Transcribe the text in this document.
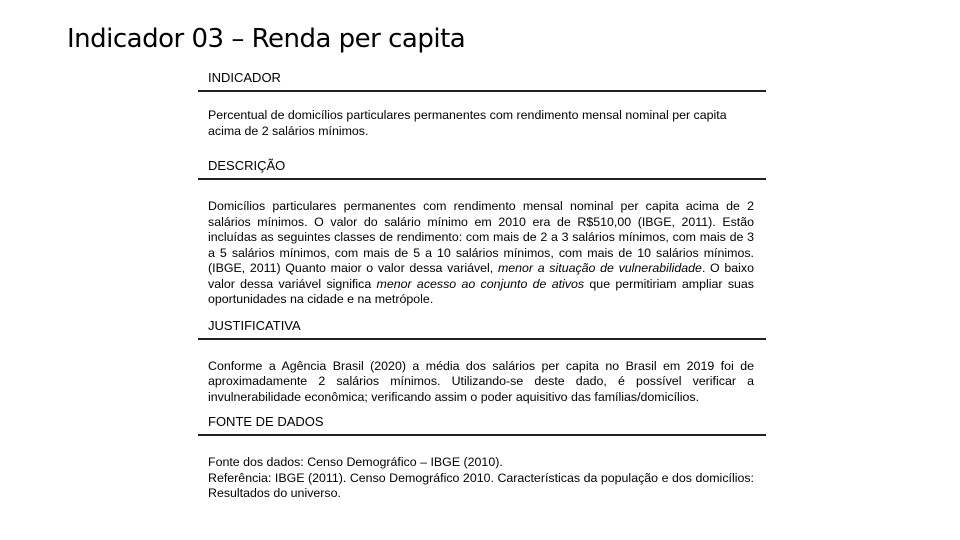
Indicador 03 – Renda per capita
INDICADOR

Percentual de domicílios particulares permanentes com rendimento mensal nominal per capita acima de 2 salários mínimos.

DESCRIÇÃO

Domicílios particulares permanentes com rendimento mensal nominal per capita acima de 2 salários mínimos. O valor do salário mínimo em 2010 era de R$510,00 (IBGE, 2011). Estão incluídas as seguintes classes de rendimento: com mais de 2 a 3 salários mínimos, com mais de 3 a 5 salários mínimos, com mais de 5 a 10 salários mínimos, com mais de 10 salários mínimos. (IBGE, 2011) Quanto maior o valor dessa variável, menor a situação de vulnerabilidade. O baixo valor dessa variável significa menor acesso ao conjunto de ativos que permitiriam ampliar suas oportunidades na cidade e na metrópole.

JUSTIFICATIVA

Conforme a Agência Brasil (2020) a média dos salários per capita no Brasil em 2019 foi de aproximadamente 2 salários mínimos. Utilizando-se deste dado, é possível verificar a invulnerabilidade econômica; verificando assim o poder aquisitivo das famílias/domicílios.

FONTE DE DADOS

Fonte dos dados: Censo Demográfico – IBGE (2010).

Referência: IBGE (2011). Censo Demográfico 2010. Características da população e dos domicílios: Resultados do universo.
